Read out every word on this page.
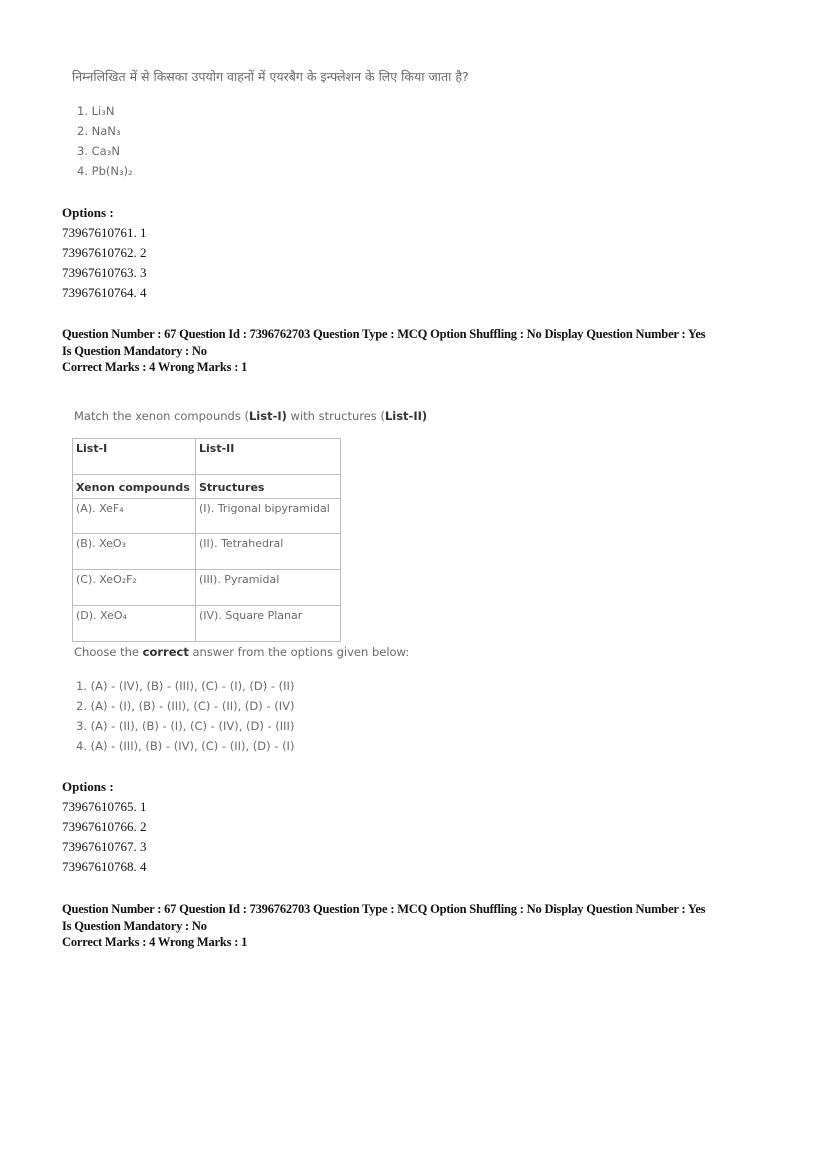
निम्नलिखित में से किसका उपयोग वाहनों में एयरबैग के इन्फ्लेशन के लिए किया जाता है?
1. Li₃N
2. NaN₃
3. Ca₃N
4. Pb(N₃)₂
Options :
73967610761. 1
73967610762. 2
73967610763. 3
73967610764. 4
Question Number : 67 Question Id : 7396762703 Question Type : MCQ Option Shuffling : No Display Question Number : Yes
Is Question Mandatory : No
Correct Marks : 4 Wrong Marks : 1
Match the xenon compounds (List-I) with structures (List-II)
List-I	List-II
Xenon compounds	Structures
(A). XeF₄	(I). Trigonal bipyramidal
(B). XeO₃	(II). Tetrahedral
(C). XeO₂F₂	(III). Pyramidal
(D). XeO₄	(IV). Square Planar
Choose the correct answer from the options given below:
1. (A) - (IV), (B) - (III), (C) - (I), (D) - (II)
2. (A) - (I), (B) - (III), (C) - (II), (D) - (IV)
3. (A) - (II), (B) - (I), (C) - (IV), (D) - (III)
4. (A) - (III), (B) - (IV), (C) - (II), (D) - (I)
Options :
73967610765. 1
73967610766. 2
73967610767. 3
73967610768. 4
Question Number : 67 Question Id : 7396762703 Question Type : MCQ Option Shuffling : No Display Question Number : Yes
Is Question Mandatory : No
Correct Marks : 4 Wrong Marks : 1
